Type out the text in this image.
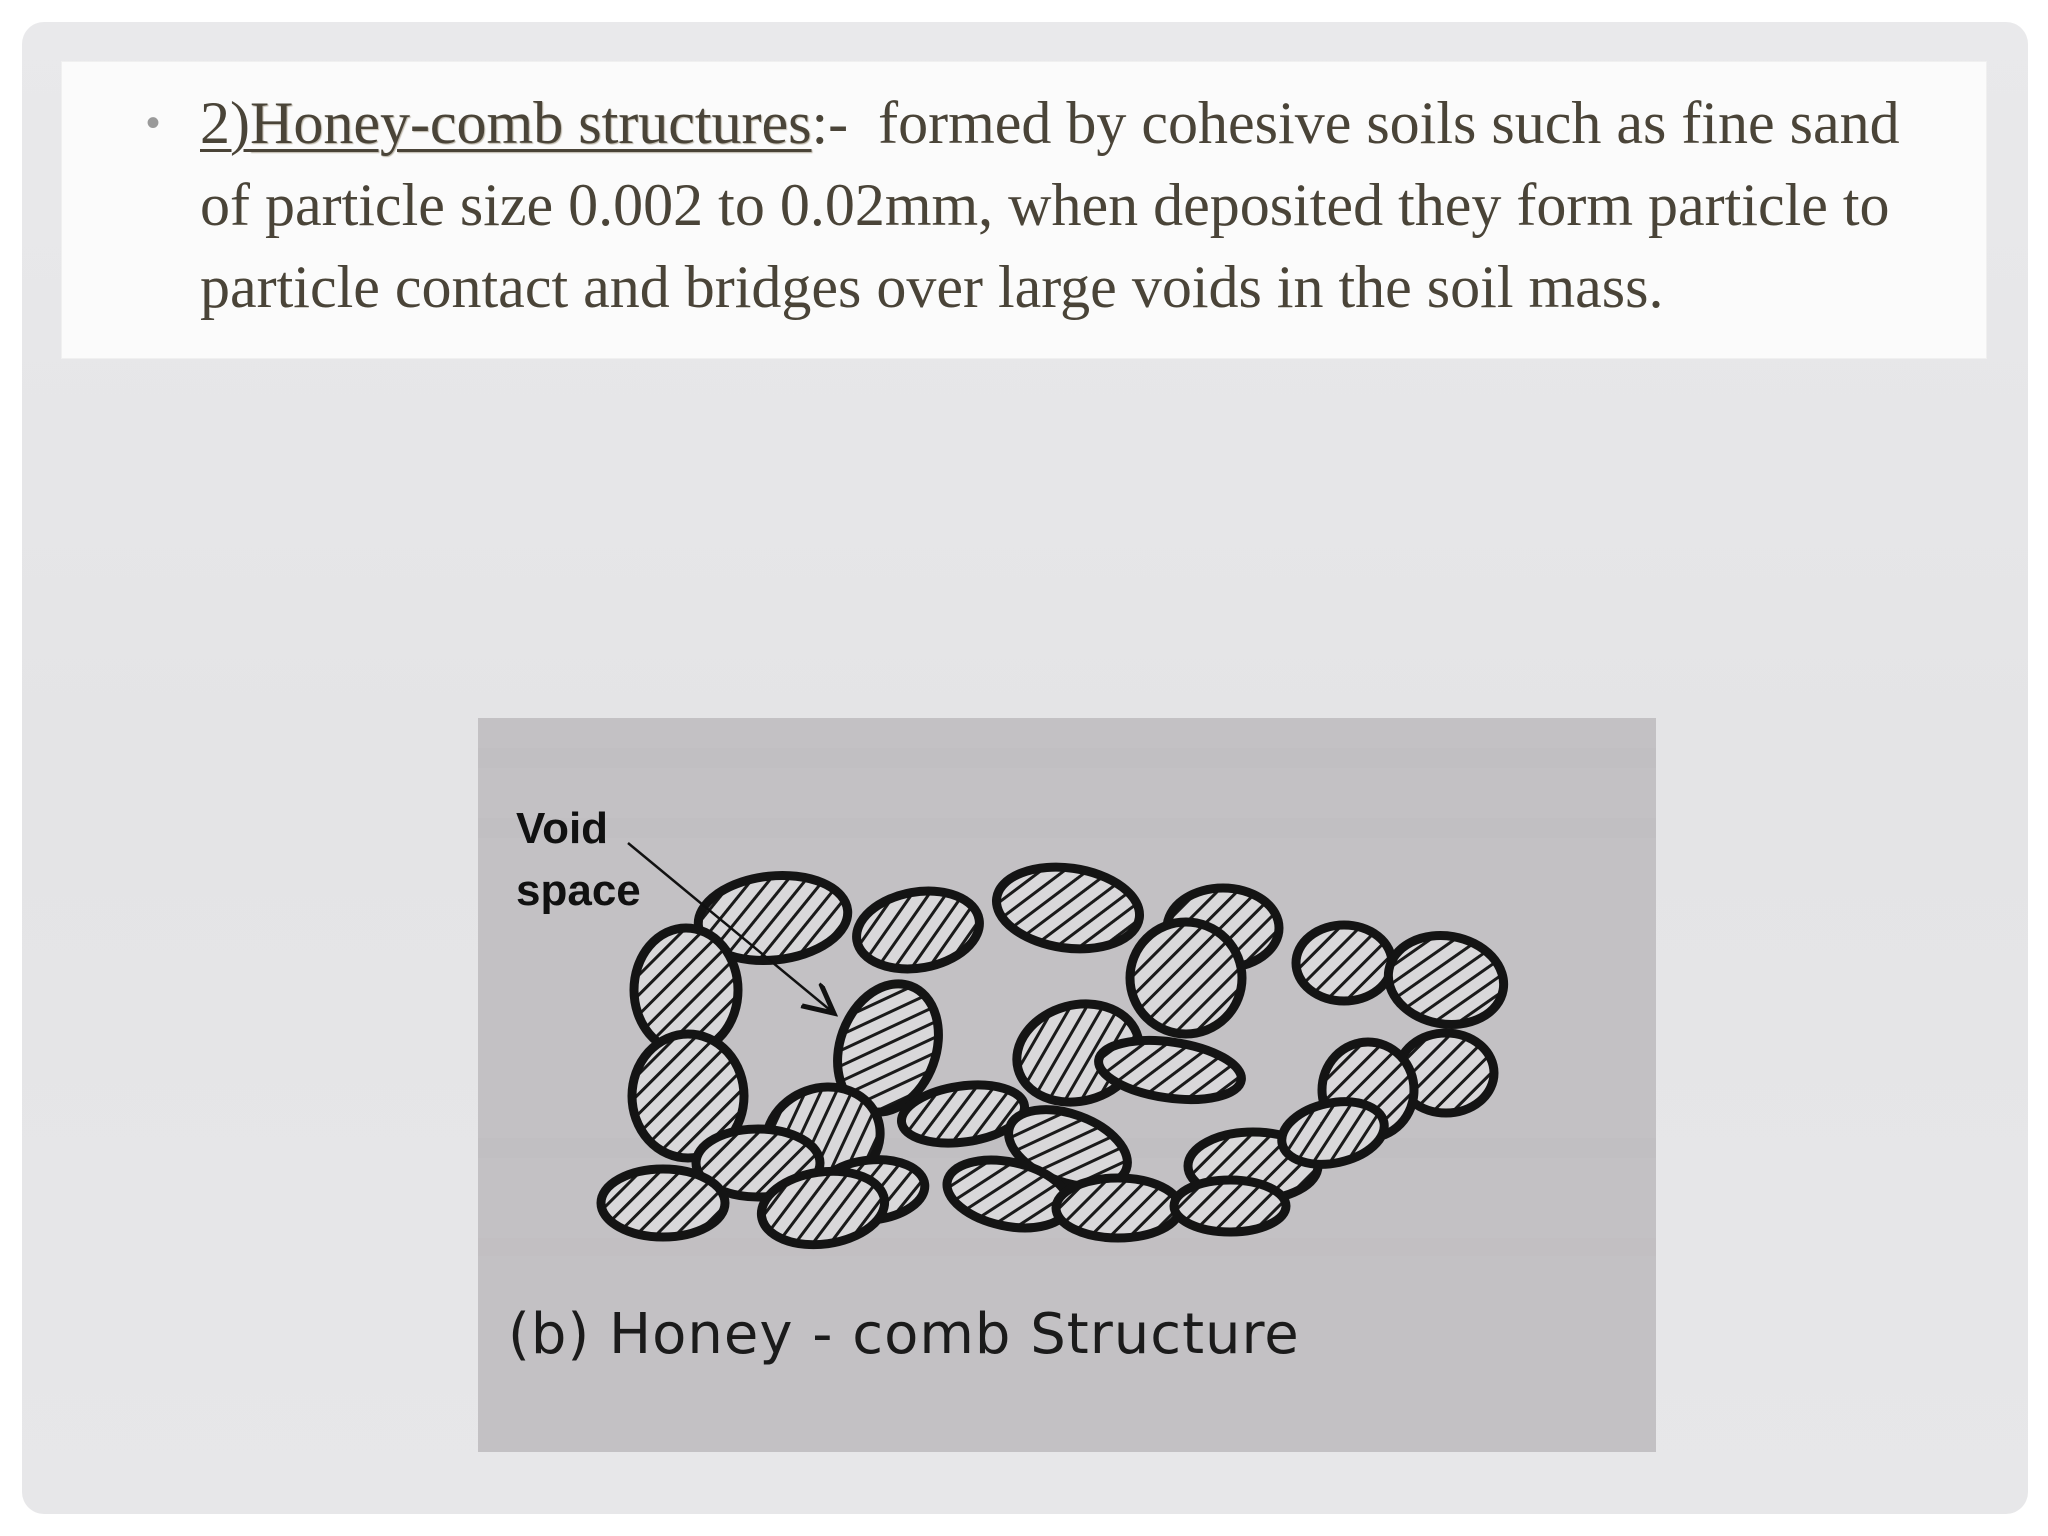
• 2)Honey-comb structures:- formed by cohesive soils such as fine sand of particle size 0.002 to 0.02mm, when deposited they form particle to particle contact and bridges over large voids in the soil mass.

Void
space

(b) Honey - comb Structure
